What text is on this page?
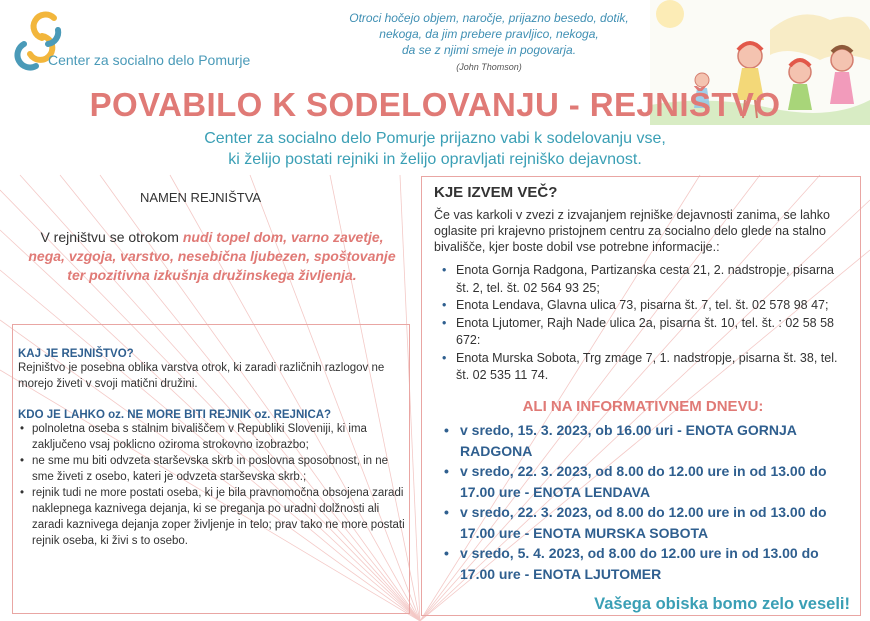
Center za socialno delo Pomurje
Otroci hočejo objem, naročje, prijazno besedo, dotik,
nekoga, da jim prebere pravljico, nekoga,
da se z njimi smeje in pogovarja.
(John Thomson)
POVABILO K SODELOVANJU - REJNIŠTVO
Center za socialno delo Pomurje prijazno vabi k sodelovanju vse,
ki želijo postati rejniki in želijo opravljati rejniško dejavnost.
NAMEN REJNIŠTVA
V rejništvu se otrokom nudi topel dom, varno zavetje, nega, vzgoja, varstvo, nesebična ljubezen, spoštovanje ter pozitivna izkušnja družinskega življenja.
KAJ JE REJNIŠTVO?
Rejništvo je posebna oblika varstva otrok, ki zaradi različnih razlogov ne morejo živeti v svoji matični družini.
KDO JE LAHKO oz. NE MORE BITI REJNIK oz. REJNICA?
• polnoletna oseba s stalnim bivališčem v Republiki Sloveniji, ki ima zaključeno vsaj poklicno oziroma strokovno izobrazbo;
• ne sme mu biti odvzeta starševska skrb in poslovna sposobnost, in ne sme živeti z osebo, kateri je odvzeta starševska skrb.;
• rejnik tudi ne more postati oseba, ki je bila pravnomočna obsojena zaradi naklepnega kaznivega dejanja, ki se preganja po uradni dolžnosti ali zaradi kaznivega dejanja zoper življenje in telo; prav tako ne more postati rejnik oseba, ki živi s to osebo.
KJE IZVEM VEČ?
Če vas karkoli v zvezi z izvajanjem rejniške dejavnosti zanima, se lahko oglasite pri krajevno pristojnem centru za socialno delo glede na stalno bivališče, kjer boste dobil vse potrebne informacije.:
• Enota Gornja Radgona, Partizanska cesta 21, 2. nadstropje, pisarna št. 2, tel. št. 02 564 93 25;
• Enota Lendava, Glavna ulica 73, pisarna št. 7, tel. št. 02 578 98 47;
• Enota Ljutomer, Rajh Nade ulica 2a, pisarna št. 10, tel. št. : 02 58 58 672:
• Enota Murska Sobota, Trg zmage 7, 1. nadstropje, pisarna št. 38, tel. št. 02 535 11 74.
ALI NA INFORMATIVNEM DNEVU:
• v sredo, 15. 3. 2023, ob 16.00 uri - ENOTA GORNJA RADGONA
• v sredo, 22. 3. 2023, od 8.00 do 12.00 ure in od 13.00 do 17.00 ure - ENOTA LENDAVA
• v sredo, 22. 3. 2023, od 8.00 do 12.00 ure in od 13.00 do 17.00 ure - ENOTA MURSKA SOBOTA
• v sredo, 5. 4. 2023, od 8.00 do 12.00 ure in od 13.00 do 17.00 ure - ENOTA LJUTOMER
Vašega obiska bomo zelo veseli!
